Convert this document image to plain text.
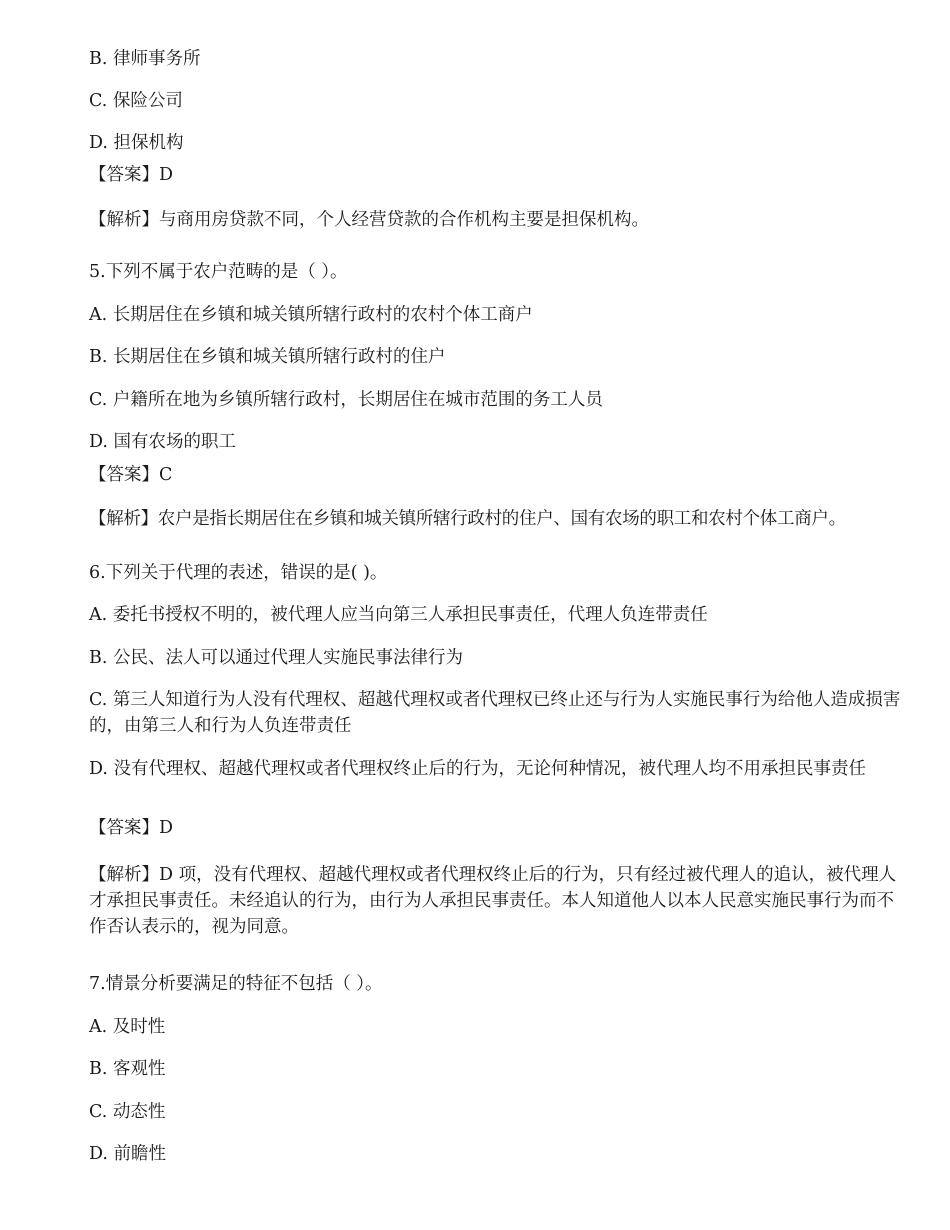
B. 律师事务所
C. 保险公司
D. 担保机构
【答案】D
【解析】与商用房贷款不同，个人经营贷款的合作机构主要是担保机构。
5.下列不属于农户范畴的是（ ）。
A. 长期居住在乡镇和城关镇所辖行政村的农村个体工商户
B. 长期居住在乡镇和城关镇所辖行政村的住户
C. 户籍所在地为乡镇所辖行政村，长期居住在城市范围的务工人员
D. 国有农场的职工
【答案】C
【解析】农户是指长期居住在乡镇和城关镇所辖行政村的住户、国有农场的职工和农村个体工商户。
6.下列关于代理的表述，错误的是( )。
A. 委托书授权不明的，被代理人应当向第三人承担民事责任，代理人负连带责任
B. 公民、法人可以通过代理人实施民事法律行为
C. 第三人知道行为人没有代理权、超越代理权或者代理权已终止还与行为人实施民事行为给他人造成损害的，由第三人和行为人负连带责任
D. 没有代理权、超越代理权或者代理权终止后的行为，无论何种情况，被代理人均不用承担民事责任
【答案】D
【解析】D 项，没有代理权、超越代理权或者代理权终止后的行为，只有经过被代理人的追认，被代理人才承担民事责任。未经追认的行为，由行为人承担民事责任。本人知道他人以本人民意实施民事行为而不作否认表示的，视为同意。
7.情景分析要满足的特征不包括（ ）。
A. 及时性
B. 客观性
C. 动态性
D. 前瞻性
